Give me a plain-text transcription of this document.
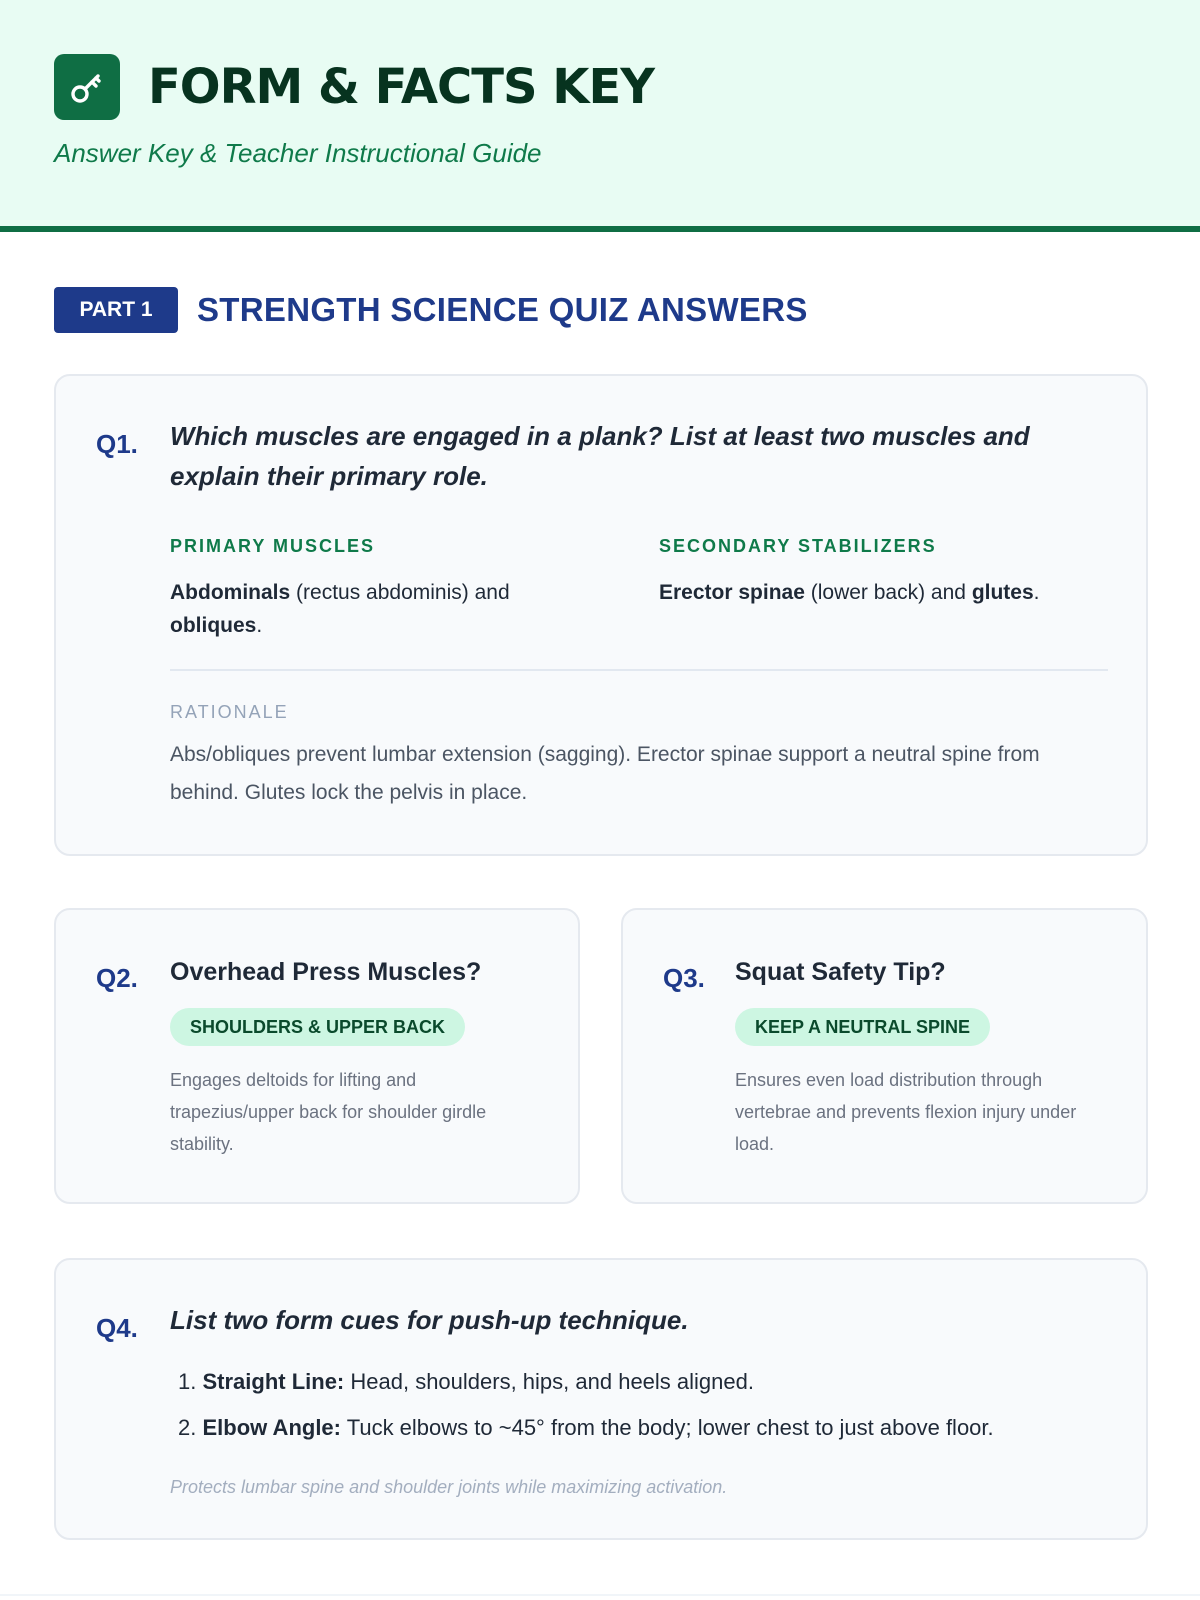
FORM & FACTS KEY
Answer Key & Teacher Instructional Guide
PART 1	STRENGTH SCIENCE QUIZ ANSWERS
Q1. Which muscles are engaged in a plank? List at least two muscles and explain their primary role.
PRIMARY MUSCLES
Abdominals (rectus abdominis) and obliques.
SECONDARY STABILIZERS
Erector spinae (lower back) and glutes.
RATIONALE
Abs/obliques prevent lumbar extension (sagging). Erector spinae support a neutral spine from behind. Glutes lock the pelvis in place.
Q2. Overhead Press Muscles?
SHOULDERS & UPPER BACK
Engages deltoids for lifting and trapezius/upper back for shoulder girdle stability.
Q3. Squat Safety Tip?
KEEP A NEUTRAL SPINE
Ensures even load distribution through vertebrae and prevents flexion injury under load.
Q4. List two form cues for push-up technique.
1. Straight Line: Head, shoulders, hips, and heels aligned.
2. Elbow Angle: Tuck elbows to ~45° from the body; lower chest to just above floor.
Protects lumbar spine and shoulder joints while maximizing activation.
